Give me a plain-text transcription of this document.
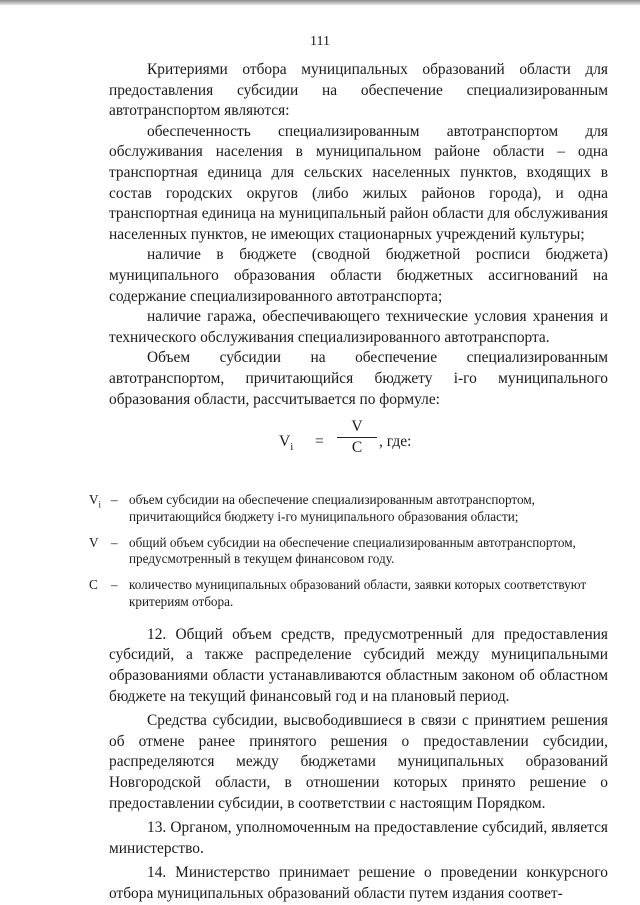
111

Критериями отбора муниципальных образований области для предоставления субсидии на обеспечение специализированным автотранспортом являются:

обеспеченность специализированным автотранспортом для обслуживания населения в муниципальном районе области – одна транспортная единица для сельских населенных пунктов, входящих в состав городских округов (либо жилых районов города), и одна транспортная единица на муниципальный район области для обслуживания населенных пунктов, не имеющих стационарных учреждений культуры;

наличие в бюджете (сводной бюджетной росписи бюджета) муниципального образования области бюджетных ассигнований на содержание специализированного автотранспорта;

наличие гаража, обеспечивающего технические условия хранения и технического обслуживания специализированного автотранспорта.

Объем субсидии на обеспечение специализированным автотранспортом, причитающийся бюджету i-го муниципального образования области, рассчитывается по формуле:

$V_i = \frac{V}{C}$ , где:
$V_i$ – объем субсидии на обеспечение специализированным автотранспортом, причитающийся бюджету i-го муниципального образования области;
V – общий объем субсидии на обеспечение специализированным автотранспортом, предусмотренный в текущем финансовом году.
C	– количество муниципальных образований области, заявки которых соответствуют критериям отбора.

12. Общий объем средств, предусмотренный для предоставления субсидий, а также распределение субсидий между муниципальными образованиями области устанавливаются областным законом об областном бюджете на текущий финансовый год и на плановый период.

Средства субсидии, высвободившиеся в связи с принятием решения об отмене ранее принятого решения о предоставлении субсидии, распределяются между бюджетами муниципальных образований Новгородской области, в отношении которых принято решение о предоставлении субсидии, в соответствии с настоящим Порядком.

13. Органом, уполномоченным на предоставление субсидий, является министерство.

14. Министерство принимает решение о проведении конкурсного отбора муниципальных образований области путем издания соответ-
